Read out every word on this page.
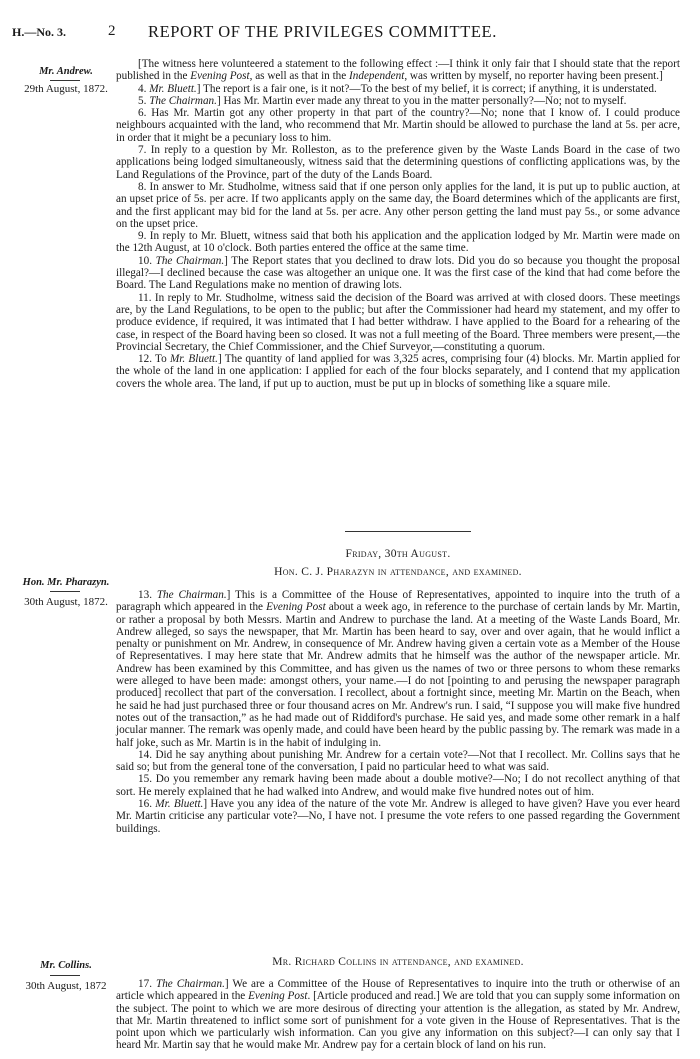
H.—No. 3.	2 REPORT OF THE PRIVILEGES COMMITTEE.
Mr. Andrew.
29th August, 1872.

[The witness here volunteered a statement to the following effect :—I think it only fair that I should state that the report published in the Evening Post, as well as that in the Independent, was written by myself, no reporter having been present.]

4. Mr. Bluett.] The report is a fair one, is it not?—To the best of my belief, it is correct; if anything, it is understated.

5. The Chairman.] Has Mr. Martin ever made any threat to you in the matter personally?—No; not to myself.

6. Has Mr. Martin got any other property in that part of the country?—No; none that I know of. I could produce neighbours acquainted with the land, who recommend that Mr. Martin should be allowed to purchase the land at 5s. per acre, in order that it might be a pecuniary loss to him.

7. In reply to a question by Mr. Rolleston, as to the preference given by the Waste Lands Board in the case of two applications being lodged simultaneously, witness said that the determining questions of conflicting applications was, by the Land Regulations of the Province, part of the duty of the Lands Board.

8. In answer to Mr. Studholme, witness said that if one person only applies for the land, it is put up to public auction, at an upset price of 5s. per acre. If two applicants apply on the same day, the Board determines which of the applicants are first, and the first applicant may bid for the land at 5s. per acre. Any other person getting the land must pay 5s., or some advance on the upset price.

9. In reply to Mr. Bluett, witness said that both his application and the application lodged by Mr. Martin were made on the 12th August, at 10 o'clock. Both parties entered the office at the same time.

10. The Chairman.] The Report states that you declined to draw lots. Did you do so because you thought the proposal illegal?—I declined because the case was altogether an unique one. It was the first case of the kind that had come before the Board. The Land Regulations make no mention of drawing lots.

11. In reply to Mr. Studholme, witness said the decision of the Board was arrived at with closed doors. These meetings are, by the Land Regulations, to be open to the public; but after the Commissioner had heard my statement, and my offer to produce evidence, if required, it was intimated that I had better withdraw. I have applied to the Board for a rehearing of the case, in respect of the Board having been so closed. It was not a full meeting of the Board. Three members were present,—the Provincial Secretary, the Chief Commissioner, and the Chief Surveyor,—constituting a quorum.

12. To Mr. Bluett.] The quantity of land applied for was 3,325 acres, comprising four (4) blocks. Mr. Martin applied for the whole of the land in one application: I applied for each of the four blocks separately, and I contend that my application covers the whole area. The land, if put up to auction, must be put up in blocks of something like a square mile.

Friday, 30th August.
Hon. C. J. Pharazyn in attendance, and examined.
Hon. Mr. Pharazyn.
30th August, 1872.

13. The Chairman.] This is a Committee of the House of Representatives, appointed to inquire into the truth of a paragraph which appeared in the Evening Post about a week ago, in reference to the purchase of certain lands by Mr. Martin, or rather a proposal by both Messrs. Martin and Andrew to purchase the land. At a meeting of the Waste Lands Board, Mr. Andrew alleged, so says the newspaper, that Mr. Martin has been heard to say, over and over again, that he would inflict a penalty or punishment on Mr. Andrew, in consequence of Mr. Andrew having given a certain vote as a Member of the House of Representatives. I may here state that Mr. Andrew admits that he himself was the author of the newspaper article. Mr. Andrew has been examined by this Committee, and has given us the names of two or three persons to whom these remarks were alleged to have been made: amongst others, your name.—I do not [pointing to and perusing the newspaper paragraph produced] recollect that part of the conversation. I recollect, about a fortnight since, meeting Mr. Martin on the Beach, when he said he had just purchased three or four thousand acres on Mr. Andrew's run. I said, “I suppose you will make five hundred notes out of the transaction,” as he had made out of Riddiford's purchase. He said yes, and made some other remark in a half jocular manner. The remark was openly made, and could have been heard by the public passing by. The remark was made in a half joke, such as Mr. Martin is in the habit of indulging in.

14. Did he say anything about punishing Mr. Andrew for a certain vote?—Not that I recollect. Mr. Collins says that he said so; but from the general tone of the conversation, I paid no particular heed to what was said.

15. Do you remember any remark having been made about a double motive?—No; I do not recollect anything of that sort. He merely explained that he had walked into Andrew, and would make five hundred notes out of him.

16. Mr. Bluett.] Have you any idea of the nature of the vote Mr. Andrew is alleged to have given? Have you ever heard Mr. Martin criticise any particular vote?—No, I have not. I presume the vote refers to one passed regarding the Government buildings.

Mr. Richard Collins in attendance, and examined.
Mr. Collins.
30th August, 1872	17. The Chairman.] We are a Committee of the House of Representatives to inquire into the truth or otherwise of an article which appeared in the Evening Post. [Article produced and read.] We are told that you can supply some information on the subject. The point to which we are more desirous of directing your attention is the allegation, as stated by Mr. Andrew, that Mr. Martin threatened to inflict some sort of punishment for a vote given in the House of Representatives. That is the point upon which we particularly wish information. Can you give any information on this subject?—I can only say that I heard Mr. Martin say that he would make Mr. Andrew pay for a certain block of land on his run.
